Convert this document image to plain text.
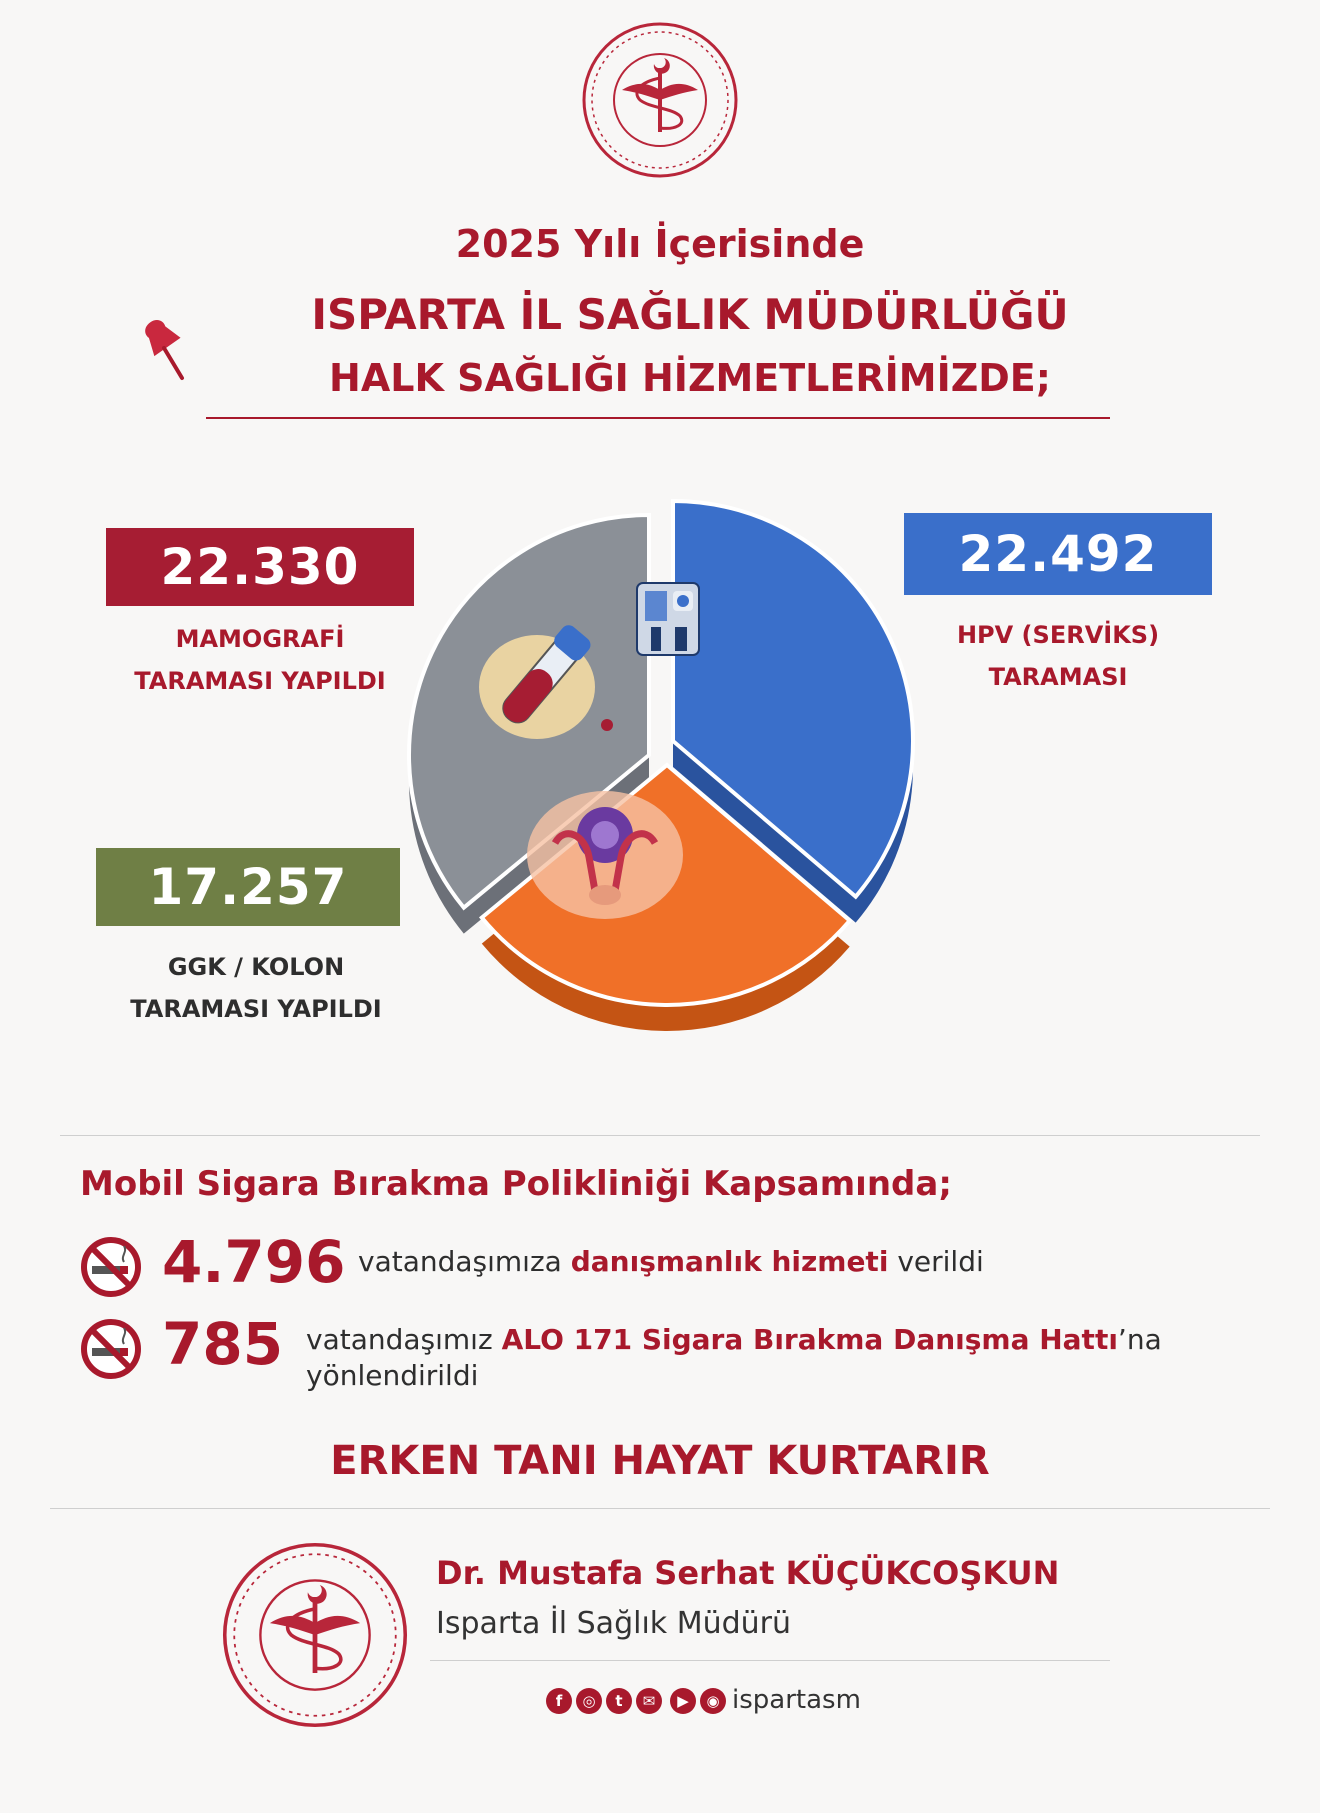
2025 Yılı İçerisinde
ISPARTA İL SAĞLIK MÜDÜRLÜĞÜ
HALK SAĞLIĞI HİZMETLERİMİZDE;
22.330
MAMOGRAFİ
TARAMASI YAPILDI
22.492
HPV (SERVİKS)
TARAMASI
17.257
GGK / KOLON
TARAMASI YAPILDI
Mobil Sigara Bırakma Polikliniği Kapsamında;
4.796 vatandaşımıza danışmanlık hizmeti verildi
785 vatandaşımız ALO 171 Sigara Bırakma Danışma Hattı’na
yönlendirildi
ERKEN TANI HAYAT KURTARIR
Dr. Mustafa Serhat KÜÇÜKCOŞKUN
Isparta İl Sağlık Müdürü
f	◎	t	✉	▶	◉ ispartasm
